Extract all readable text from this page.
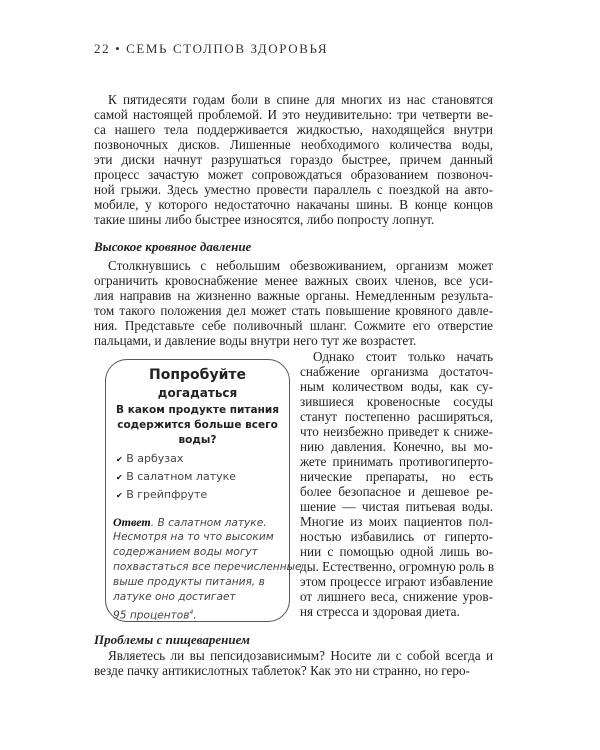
22 • СЕМЬ СТОЛПОВ ЗДОРОВЬЯ
К пятидесяти годам боли в спине для многих из нас становятся
самой настоящей проблемой. И это неудивительно: три четверти ве-
са нашего тела поддерживается жидкостью, находящейся внутри
позвоночных дисков. Лишенные необходимого количества воды,
эти диски начнут разрушаться гораздо быстрее, причем данный
процесс зачастую может сопровождаться образованием позвоноч-
ной грыжи. Здесь уместно провести параллель с поездкой на авто-
мобиле, у которого недостаточно накачаны шины. В конце концов
такие шины либо быстрее износятся, либо попросту лопнут.
Столкнувшись с небольшим обезвоживанием, организм может
ограничить кровоснабжение менее важных своих членов, все уси-
лия направив на жизненно важные органы. Немедленным результа-
том такого положения дел может стать повышение кровяного давле-
ния. Представьте себе поливочный шланг. Сожмите его отверстие
пальцами, и давление воды внутри него тут же возрастет.
Однако стоит только начать
снабжение организма достаточ-
ным количеством воды, как су-
зившиеся кровеносные сосуды
станут постепенно расширяться,
что неизбежно приведет к сниже-
нию давления. Конечно, вы мо-
жете принимать противогиперто-
нические препараты, но есть
более безопасное и дешевое ре-
шение — чистая питьевая воды.
Многие из моих пациентов пол-
ностью избавились от гиперто-
нии с помощью одной лишь во-
ды. Естественно, огромную роль в
этом процессе играют избавление
от лишнего веса, снижение уров-
ня стресса и здоровая диета.
Являетесь ли вы пепсидозависимым? Носите ли с собой всегда и
везде пачку антикислотных таблеток? Как это ни странно, но геро-
Высокое кровяное давление
Проблемы с пищеварением
Попробуйте
догадаться
В каком продукте питания
содержится больше всего
воды?
✔ В арбузах
✔ В салатном латуке
✔ В грейпфруте
Ответ. В салатном латуке.
Несмотря на то что высоким
содержанием воды могут
похвастаться все перечисленные
выше продукты питания, в
латуке оно достигает
95 процентов$^4$.
